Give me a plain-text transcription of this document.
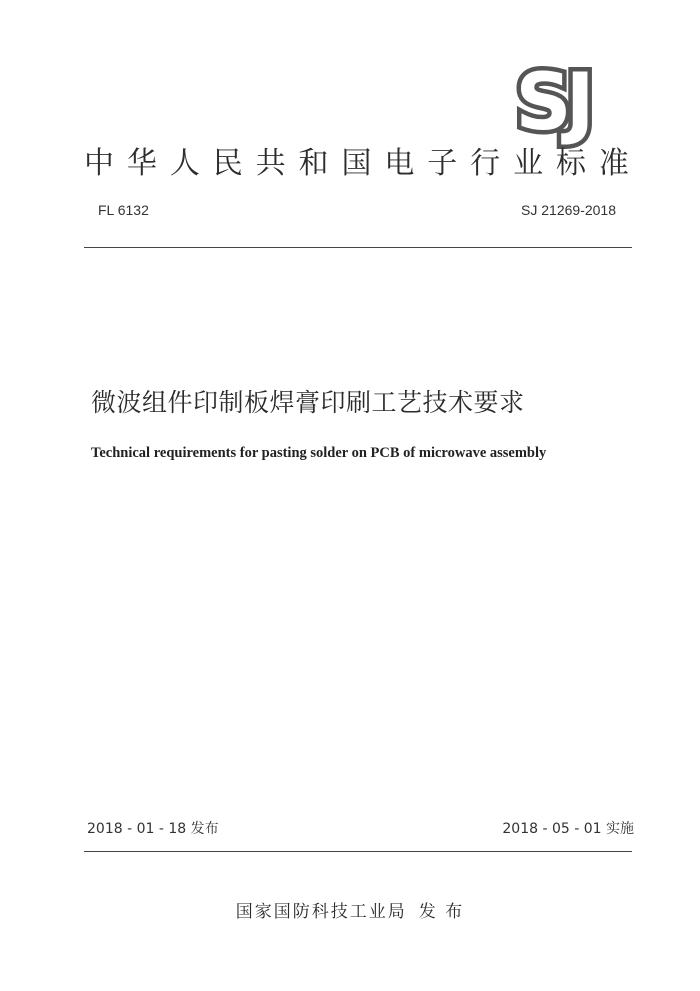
SJ
中 华 人 民 共 和 国 电 子 行 业 标 准
FL 6132	SJ 21269-2018
微波组件印制板焊膏印刷工艺技术要求
Technical requirements for pasting solder on PCB of microwave assembly
2018 - 01 - 18 发布	2018 - 05 - 01 实施
国家国防科技工业局 发 布
